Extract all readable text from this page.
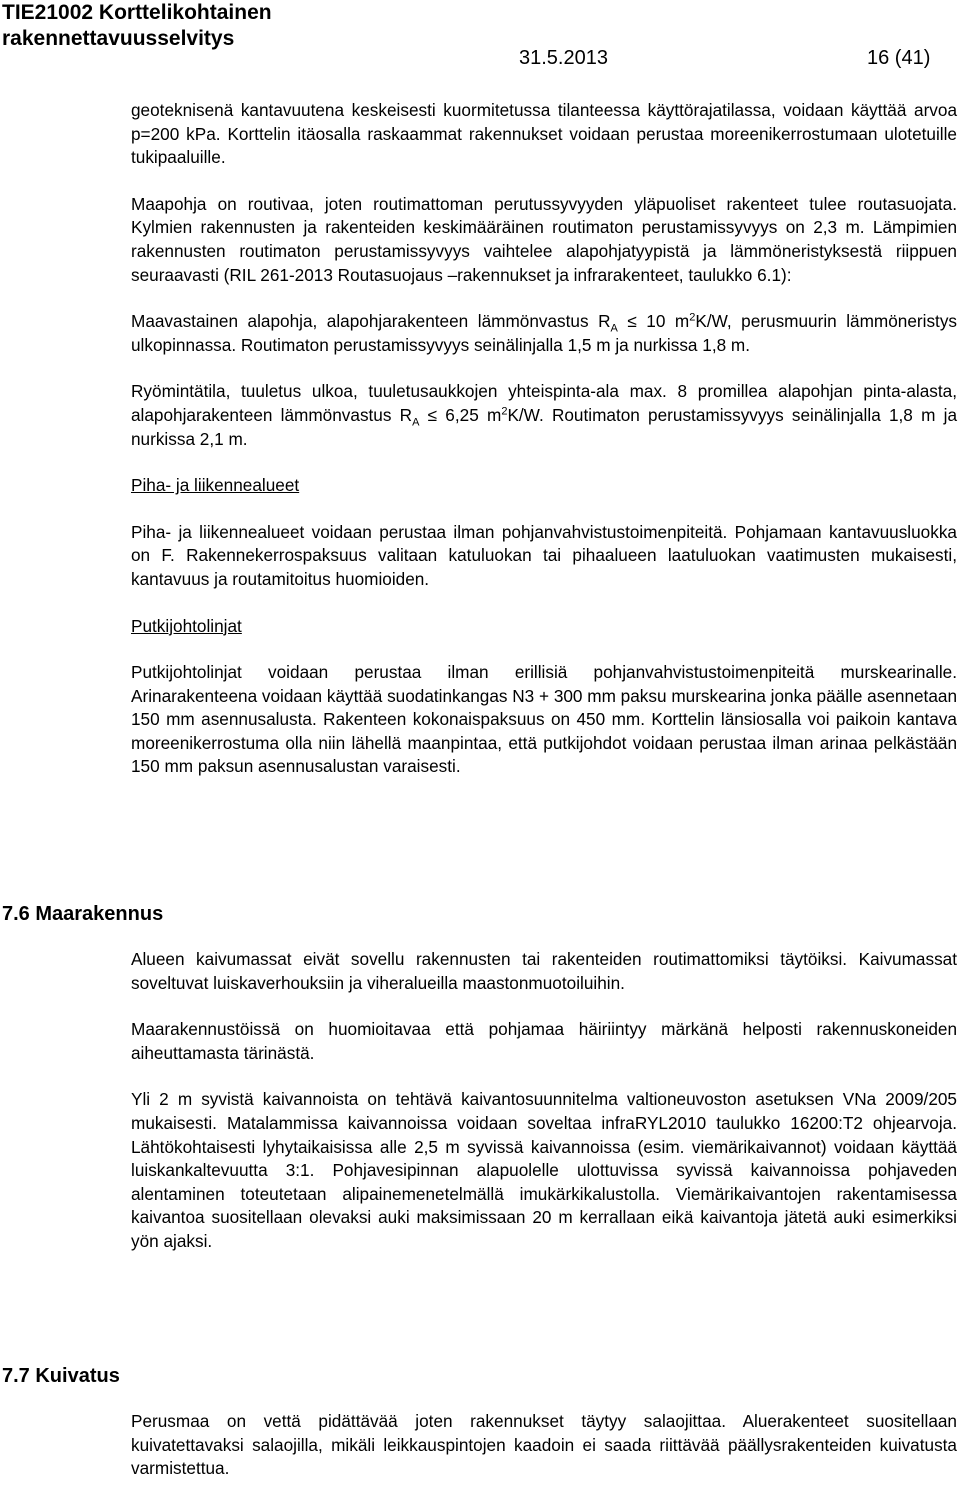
TIE21002 Korttelikohtainen
rakennettavuusselvitys
31.5.2013	16 (41)

geoteknisenä kantavuutena keskeisesti kuormitetussa tilanteessa käyttörajatilassa, voidaan käyttää arvoa p=200 kPa. Korttelin itäosalla raskaammat rakennukset voidaan perustaa moreenikerrostumaan ulotetuille tukipaaluille.

Maapohja on routivaa, joten routimattoman perutussyvyyden yläpuoliset rakenteet tulee routasuojata. Kylmien rakennusten ja rakenteiden keskimääräinen routimaton perustamissyvyys on 2,3 m. Lämpimien rakennusten routimaton perustamissyvyys vaihtelee alapohjatyypistä ja lämmöneristyksestä riippuen seuraavasti (RIL 261-2013 Routasuojaus –rakennukset ja infrarakenteet, taulukko 6.1):

Maavastainen alapohja, alapohjarakenteen lämmönvastus $R_A \le 10$ $m^2K/W$, perusmuurin lämmöneristys ulkopinnassa. Routimaton perustamissyvyys seinälinjalla 1,5 m ja nurkissa 1,8 m.

Ryömintätila, tuuletus ulkoa, tuuletusaukkojen yhteispinta-ala max. 8 promillea alapohjan pinta-alasta, alapohjarakenteen lämmönvastus $R_A \le 6,25$ $m^2K/W$. Routimaton perustamissyvyys seinälinjalla 1,8 m ja nurkissa 2,1 m.

Piha- ja liikennealueet

Piha- ja liikennealueet voidaan perustaa ilman pohjanvahvistustoimenpiteitä. Pohjamaan kantavuusluokka on F. Rakennekerrospaksuus valitaan katuluokan tai pihaalueen laatuluokan vaatimusten mukaisesti, kantavuus ja routamitoitus huomioiden.

Putkijohtolinjat

Putkijohtolinjat voidaan perustaa ilman erillisiä pohjanvahvistustoimenpiteitä murskearinalle. Arinarakenteena voidaan käyttää suodatinkangas N3 + 300 mm paksu murskearina jonka päälle asennetaan 150 mm asennusalusta. Rakenteen kokonaispaksuus on 450 mm. Korttelin länsiosalla voi paikoin kantava moreenikerrostuma olla niin lähellä maanpintaa, että putkijohdot voidaan perustaa ilman arinaa pelkästään 150 mm paksun asennusalustan varaisesti.

7.6 Maarakennus

Alueen kaivumassat eivät sovellu rakennusten tai rakenteiden routimattomiksi täytöiksi. Kaivumassat soveltuvat luiskaverhouksiin ja viheralueilla maastonmuotoiluihin.

Maarakennustöissä on huomioitavaa että pohjamaa häiriintyy märkänä helposti rakennuskoneiden aiheuttamasta tärinästä.

Yli 2 m syvistä kaivannoista on tehtävä kaivantosuunnitelma valtioneuvoston asetuksen VNa 2009/205 mukaisesti. Matalammissa kaivannoissa voidaan soveltaa infraRYL2010 taulukko 16200:T2 ohjearvoja. Lähtökohtaisesti lyhytaikaisissa alle 2,5 m syvissä kaivannoissa (esim. viemärikaivannot) voidaan käyttää luiskankaltevuutta 3:1. Pohjavesipinnan alapuolelle ulottuvissa syvissä kaivannoissa pohjaveden alentaminen toteutetaan alipainemenetelmällä imukärkikalustolla. Viemärikaivantojen rakentamisessa kaivantoa suositellaan olevaksi auki maksimissaan 20 m kerrallaan eikä kaivantoja jätetä auki esimerkiksi yön ajaksi.

7.7 Kuivatus

Perusmaa on vettä pidättävää joten rakennukset täytyy salaojittaa. Aluerakenteet suositellaan kuivatettavaksi salaojilla, mikäli leikkauspintojen kaadoin ei saada riittävää päällysrakenteiden kuivatusta varmistettua.
